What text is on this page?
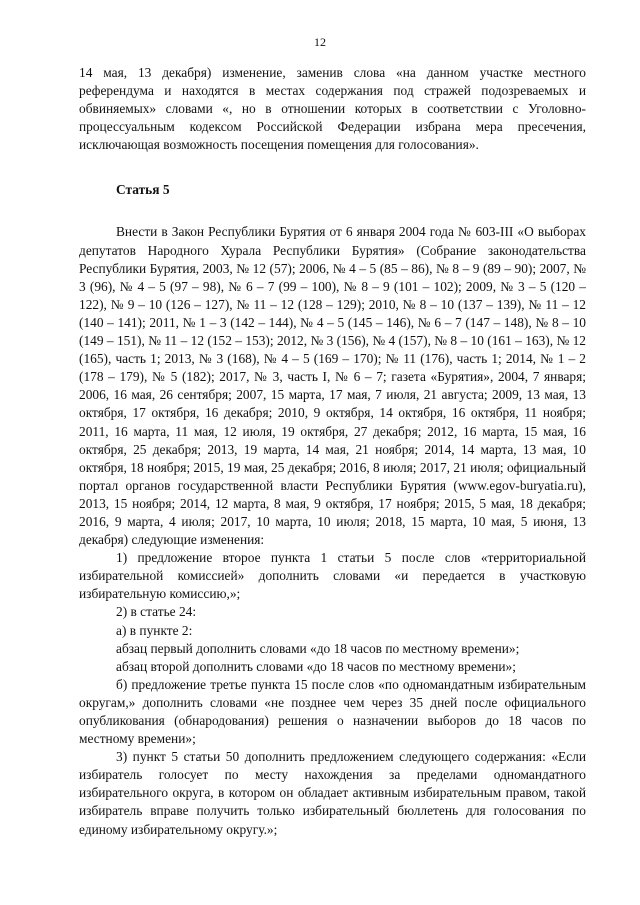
12

14 мая, 13 декабря) изменение, заменив слова «на данном участке местного референдума и находятся в местах содержания под стражей подозреваемых и обвиняемых» словами «, но в отношении которых в соответствии с Уголовно-процессуальным кодексом Российской Федерации избрана мера пресечения, исключающая возможность посещения помещения для голосования».

Статья 5

Внести в Закон Республики Бурятия от 6 января 2004 года № 603-III «О выборах депутатов Народного Хурала Республики Бурятия» (Собрание законодательства Республики Бурятия, 2003, № 12 (57); 2006, № 4 – 5 (85 – 86), № 8 – 9 (89 – 90); 2007, № 3 (96), № 4 – 5 (97 – 98), № 6 – 7 (99 – 100), № 8 – 9 (101 – 102); 2009, № 3 – 5 (120 – 122), № 9 – 10 (126 – 127), № 11 – 12 (128 – 129); 2010, № 8 – 10 (137 – 139), № 11 – 12 (140 – 141); 2011, № 1 – 3 (142 – 144), № 4 – 5 (145 – 146), № 6 – 7 (147 – 148), № 8 – 10 (149 – 151), № 11 – 12 (152 – 153); 2012, № 3 (156), № 4 (157), № 8 – 10 (161 – 163), № 12 (165), часть 1; 2013, № 3 (168), № 4 – 5 (169 – 170); № 11 (176), часть 1; 2014, № 1 – 2 (178 – 179), № 5 (182); 2017, № 3, часть I, № 6 – 7; газета «Бурятия», 2004, 7 января; 2006, 16 мая, 26 сентября; 2007, 15 марта, 17 мая, 7 июля, 21 августа; 2009, 13 мая, 13 октября, 17 октября, 16 декабря; 2010, 9 октября, 14 октября, 16 октября, 11 ноября; 2011, 16 марта, 11 мая, 12 июля, 19 октября, 27 декабря; 2012, 16 марта, 15 мая, 16 октября, 25 декабря; 2013, 19 марта, 14 мая, 21 ноября; 2014, 14 марта, 13 мая, 10 октября, 18 ноября; 2015, 19 мая, 25 декабря; 2016, 8 июля; 2017, 21 июля; официальный портал органов государственной власти Республики Бурятия (www.egov-buryatia.ru), 2013, 15 ноября; 2014, 12 марта, 8 мая, 9 октября, 17 ноября; 2015, 5 мая, 18 декабря; 2016, 9 марта, 4 июля; 2017, 10 марта, 10 июля; 2018, 15 марта, 10 мая, 5 июня, 13 декабря) следующие изменения:

1) предложение второе пункта 1 статьи 5 после слов «территориальной избирательной комиссией» дополнить словами «и передается в участковую избирательную комиссию,»;

2) в статье 24:

а) в пункте 2:

абзац первый дополнить словами «до 18 часов по местному времени»;

абзац второй дополнить словами «до 18 часов по местному времени»;

б) предложение третье пункта 15 после слов «по одномандатным избирательным округам,» дополнить словами «не позднее чем через 35 дней после официального опубликования (обнародования) решения о назначении выборов до 18 часов по местному времени»;

3) пункт 5 статьи 50 дополнить предложением следующего содержания: «Если избиратель голосует по месту нахождения за пределами одномандатного избирательного округа, в котором он обладает активным избирательным правом, такой избиратель вправе получить только избирательный бюллетень для голосования по единому избирательному округу.»;
